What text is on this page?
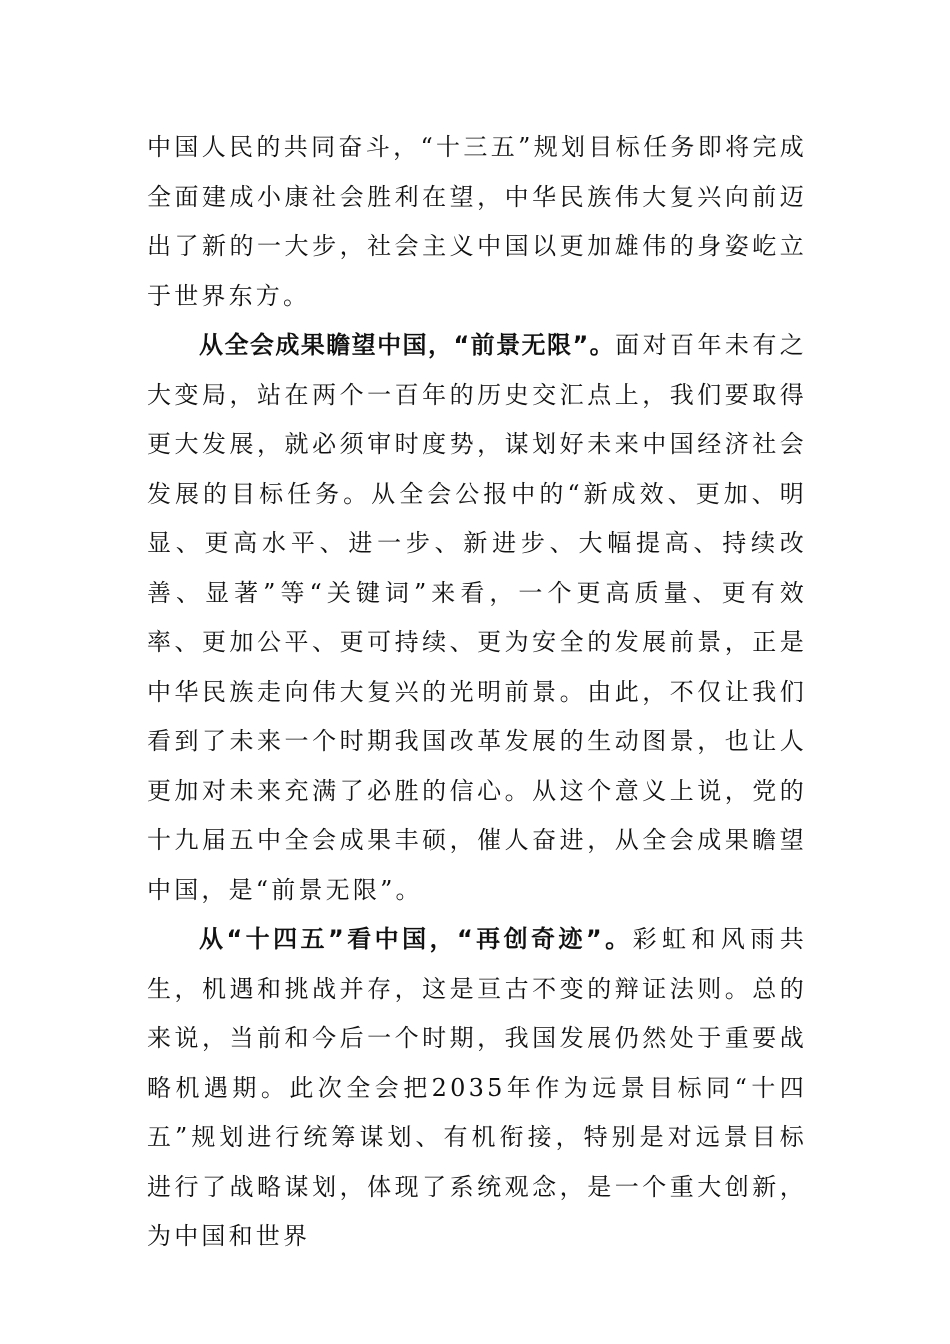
中国人民的共同奋斗，“十三五”规划目标任务即将完成全面建成小康社会胜利在望，中华民族伟大复兴向前迈出了新的一大步，社会主义中国以更加雄伟的身姿屹立于世界东方。

从全会成果瞻望中国，“前景无限”。面对百年未有之大变局，站在两个一百年的历史交汇点上，我们要取得更大发展，就必须审时度势，谋划好未来中国经济社会发展的目标任务。从全会公报中的“新成效、更加、明显、更高水平、进一步、新进步、大幅提高、持续改善、显著”等“关键词”来看，一个更高质量、更有效率、更加公平、更可持续、更为安全的发展前景，正是中华民族走向伟大复兴的光明前景。由此，不仅让我们看到了未来一个时期我国改革发展的生动图景，也让人更加对未来充满了必胜的信心。从这个意义上说，党的十九届五中全会成果丰硕，催人奋进，从全会成果瞻望中国，是“前景无限”。

从“十四五”看中国，“再创奇迹”。彩虹和风雨共生，机遇和挑战并存，这是亘古不变的辩证法则。总的来说，当前和今后一个时期，我国发展仍然处于重要战略机遇期。此次全会把2035年作为远景目标同“十四五”规划进行统筹谋划、有机衔接，特别是对远景目标进行了战略谋划，体现了系统观念，是一个重大创新，为中国和世界
